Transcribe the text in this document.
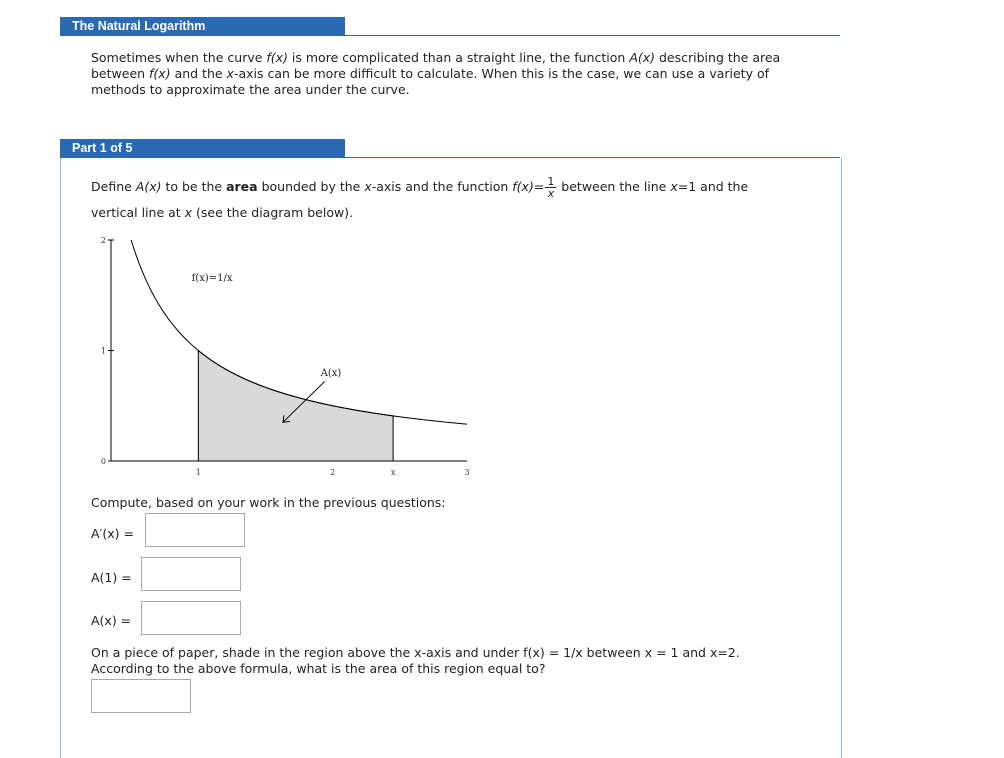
The Natural Logarithm
Sometimes when the curve f(x) is more complicated than a straight line, the function A(x) describing the area between f(x) and the x-axis can be more difficult to calculate. When this is the case, we can use a variety of methods to approximate the area under the curve.
Part 1 of 5
Define A(x) to be the area bounded by the x-axis and the function $f(x)= \frac{1}{x}$ between the line x=1 and the
vertical line at x (see the diagram below).
0
1
2
1	2	x	3
f(x)=1/x
A(x)
Compute, based on your work in the previous questions:
A′(x) =
A(1) =
A(x) =
On a piece of paper, shade in the region above the x-axis and under f(x) = 1/x between x = 1 and x=2.
According to the above formula, what is the area of this region equal to?
